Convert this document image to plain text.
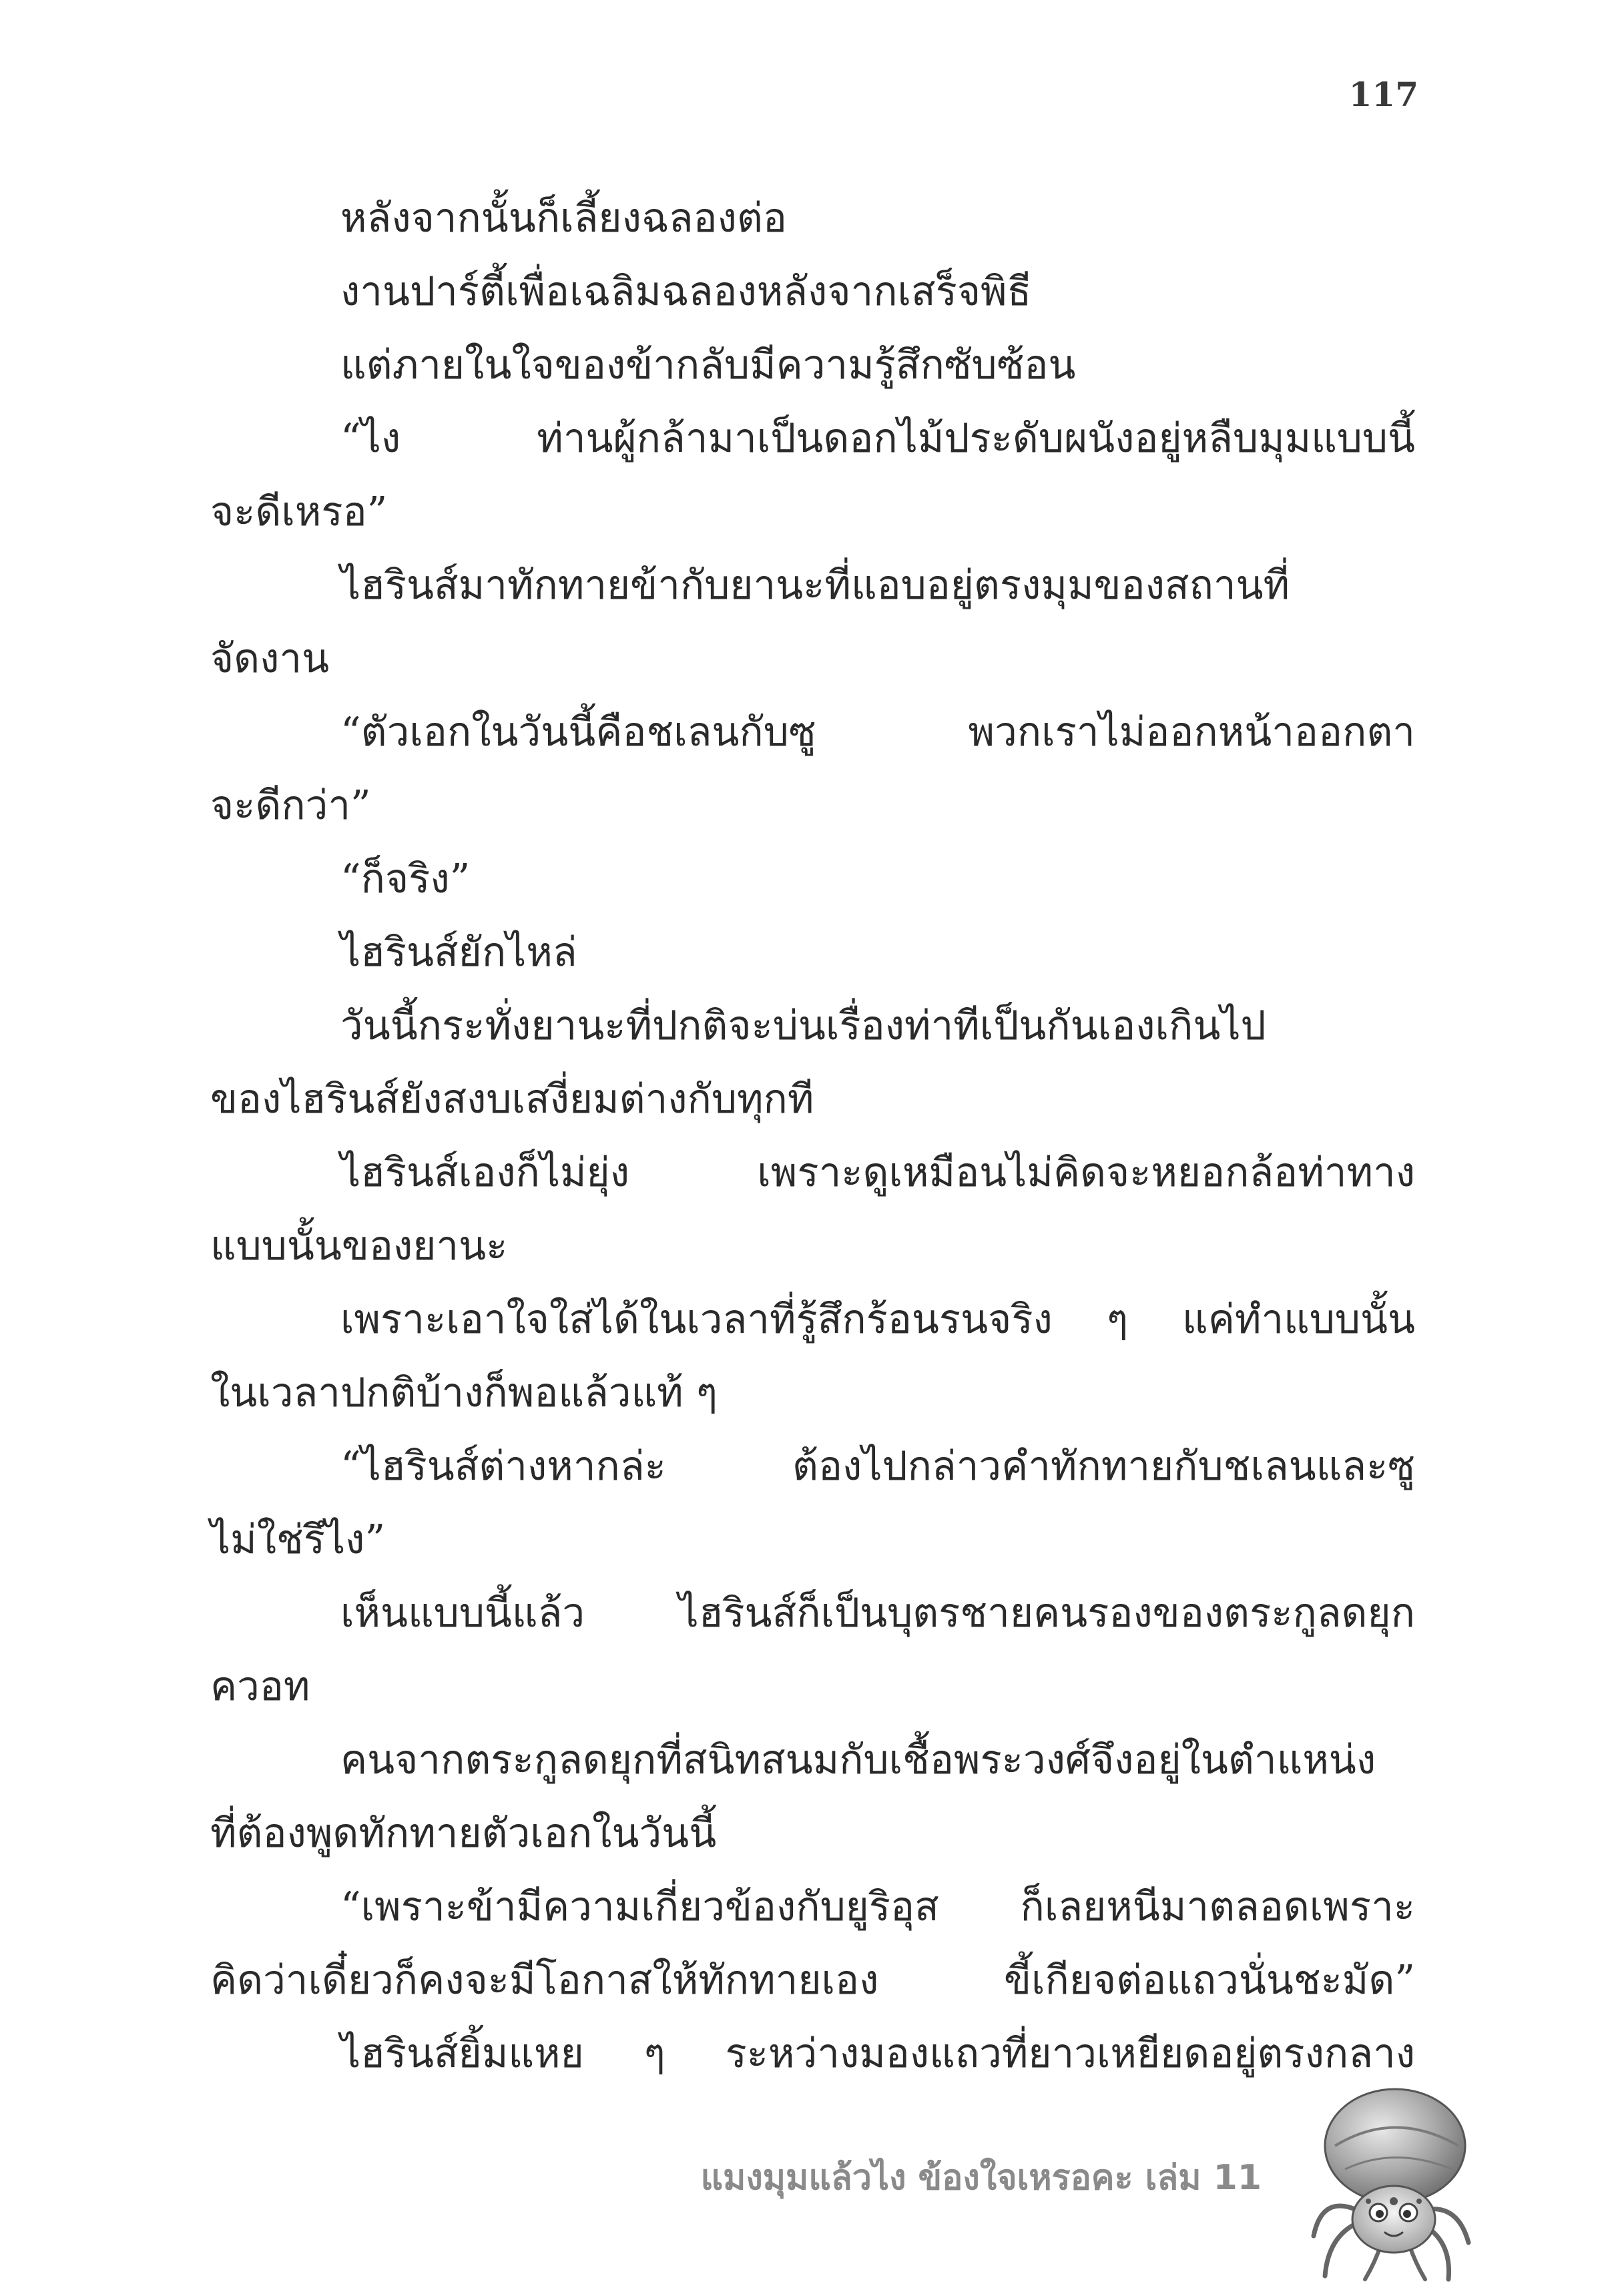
117
หลังจากนั้นก็เลี้ยงฉลองต่อ
งานปาร์ตี้เพื่อเฉลิมฉลองหลังจากเสร็จพิธี
แต่ภายในใจของข้ากลับมีความรู้สึกซับซ้อน
“ไง ท่านผู้กล้ามาเป็นดอกไม้ประดับผนังอยู่หลืบมุมแบบนี้
จะดีเหรอ”
ไฮรินส์มาทักทายข้ากับยานะที่แอบอยู่ตรงมุมของสถานที่
จัดงาน
“ตัวเอกในวันนี้คือชเลนกับซู พวกเราไม่ออกหน้าออกตา
จะดีกว่า”
“ก็จริง”
ไฮรินส์ยักไหล่
วันนี้กระทั่งยานะที่ปกติจะบ่นเรื่องท่าทีเป็นกันเองเกินไป
ของไฮรินส์ยังสงบเสงี่ยมต่างกับทุกที
ไฮรินส์เองก็ไม่ยุ่ง เพราะดูเหมือนไม่คิดจะหยอกล้อท่าทาง
แบบนั้นของยานะ
เพราะเอาใจใส่ได้ในเวลาที่รู้สึกร้อนรนจริง ๆ แค่ทำแบบนั้น
ในเวลาปกติบ้างก็พอแล้วแท้ ๆ
“ไฮรินส์ต่างหากล่ะ ต้องไปกล่าวคำทักทายกับชเลนและซู
ไม่ใช่รึไง”
เห็นแบบนี้แล้ว ไฮรินส์ก็เป็นบุตรชายคนรองของตระกูลดยุก
ควอท
คนจากตระกูลดยุกที่สนิทสนมกับเชื้อพระวงศ์จึงอยู่ในตำแหน่ง
ที่ต้องพูดทักทายตัวเอกในวันนี้
“เพราะข้ามีความเกี่ยวข้องกับยูริอุส ก็เลยหนีมาตลอดเพราะ
คิดว่าเดี๋ยวก็คงจะมีโอกาสให้ทักทายเอง ขี้เกียจต่อแถวนั่นชะมัด”
ไฮรินส์ยิ้มแหย ๆ ระหว่างมองแถวที่ยาวเหยียดอยู่ตรงกลาง
แมงมุมแล้วไง ข้องใจเหรอคะ เล่ม 11
